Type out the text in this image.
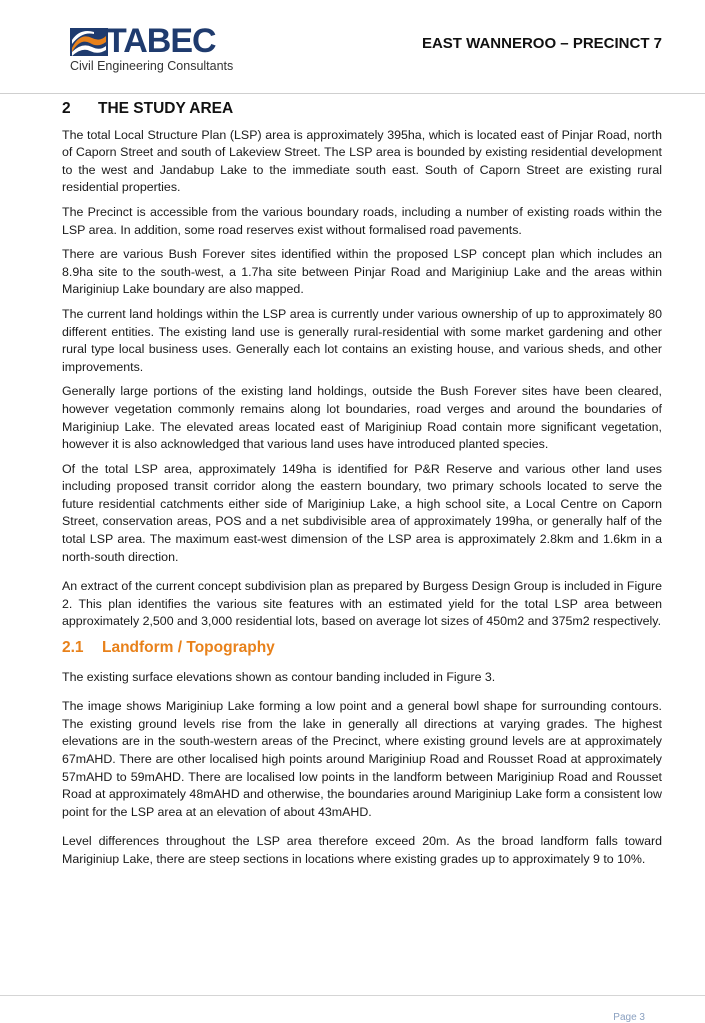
TABEC
Civil Engineering Consultants
EAST WANNEROO – PRECINCT 7
2 THE STUDY AREA

The total Local Structure Plan (LSP) area is approximately 395ha, which is located east of Pinjar Road, north of Caporn Street and south of Lakeview Street. The LSP area is bounded by existing residential development to the west and Jandabup Lake to the immediate south east. South of Caporn Street are existing rural residential properties.

The Precinct is accessible from the various boundary roads, including a number of existing roads within the LSP area. In addition, some road reserves exist without formalised road pavements.

There are various Bush Forever sites identified within the proposed LSP concept plan which includes an 8.9ha site to the south-west, a 1.7ha site between Pinjar Road and Mariginiup Lake and the areas within Mariginiup Lake boundary are also mapped.

The current land holdings within the LSP area is currently under various ownership of up to approximately 80 different entities. The existing land use is generally rural-residential with some market gardening and other rural type local business uses. Generally each lot contains an existing house, and various sheds, and other improvements.

Generally large portions of the existing land holdings, outside the Bush Forever sites have been cleared, however vegetation commonly remains along lot boundaries, road verges and around the boundaries of Mariginiup Lake. The elevated areas located east of Mariginiup Road contain more significant vegetation, however it is also acknowledged that various land uses have introduced planted species.

Of the total LSP area, approximately 149ha is identified for P&R Reserve and various other land uses including proposed transit corridor along the eastern boundary, two primary schools located to serve the future residential catchments either side of Mariginiup Lake, a high school site, a Local Centre on Caporn Street, conservation areas, POS and a net subdivisible area of approximately 199ha, or generally half of the total LSP area. The maximum east-west dimension of the LSP area is approximately 2.8km and 1.6km in a north-south direction.

An extract of the current concept subdivision plan as prepared by Burgess Design Group is included in Figure 2. This plan identifies the various site features with an estimated yield for the total LSP area between approximately 2,500 and 3,000 residential lots, based on average lot sizes of 450m2 and 375m2 respectively.

2.1 Landform / Topography

The existing surface elevations shown as contour banding included in Figure 3.

The image shows Mariginiup Lake forming a low point and a general bowl shape for surrounding contours. The existing ground levels rise from the lake in generally all directions at varying grades. The highest elevations are in the south-western areas of the Precinct, where existing ground levels are at approximately 67mAHD. There are other localised high points around Mariginiup Road and Rousset Road at approximately 57mAHD to 59mAHD. There are localised low points in the landform between Mariginiup Road and Rousset Road at approximately 48mAHD and otherwise, the boundaries around Mariginiup Lake form a consistent low point for the LSP area at an elevation of about 43mAHD.

Level differences throughout the LSP area therefore exceed 20m. As the broad landform falls toward Mariginiup Lake, there are steep sections in locations where existing grades up to approximately 9 to 10%.

Page 3
